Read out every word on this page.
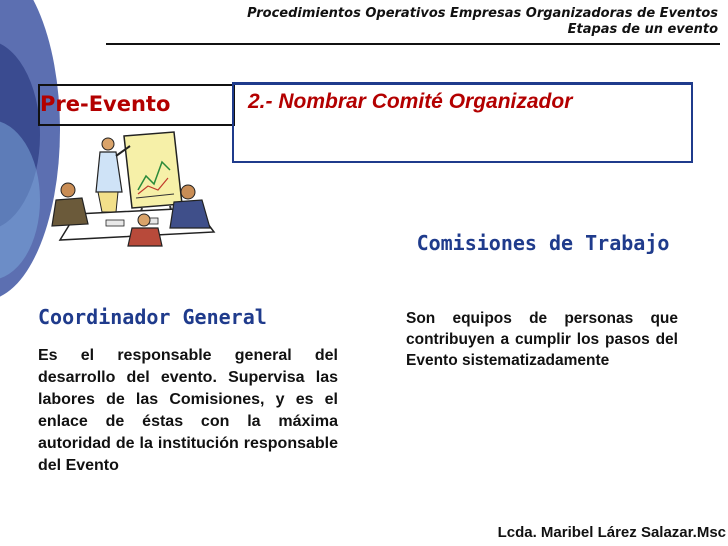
Procedimientos Operativos Empresas Organizadoras de Eventos
Etapas de un evento
Pre-Evento	2.- Nombrar Comité Organizador
Comisiones de Trabajo
Son equipos de personas que contribuyen a cumplir los pasos del Evento sistematizadamente
Coordinador General
Es el responsable general del desarrollo del evento. Supervisa las labores de las Comisiones, y es el enlace de éstas con la máxima autoridad de la institución responsable del Evento
Lcda. Maribel Lárez Salazar.Msc
